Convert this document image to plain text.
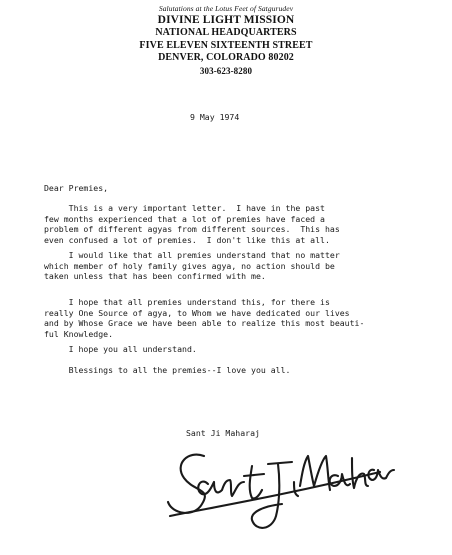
Salutations at the Lotus Feet of Satgurudev
DIVINE LIGHT MISSION
NATIONAL HEADQUARTERS
FIVE ELEVEN SIXTEENTH STREET
DENVER, COLORADO 80202
303-623-8280
9 May 1974
Dear Premies,
This is a very important letter.  I have in the past
few months experienced that a lot of premies have faced a
problem of different agyas from different sources.  This has
even confused a lot of premies.  I don't like this at all.
I would like that all premies understand that no matter
which member of holy family gives agya, no action should be
taken unless that has been confirmed with me.
I hope that all premies understand this, for there is
really One Source of agya, to Whom we have dedicated our lives
and by Whose Grace we have been able to realize this most beauti-
ful Knowledge.
I hope you all understand.
Blessings to all the premies--I love you all.
Sant Ji Maharaj
